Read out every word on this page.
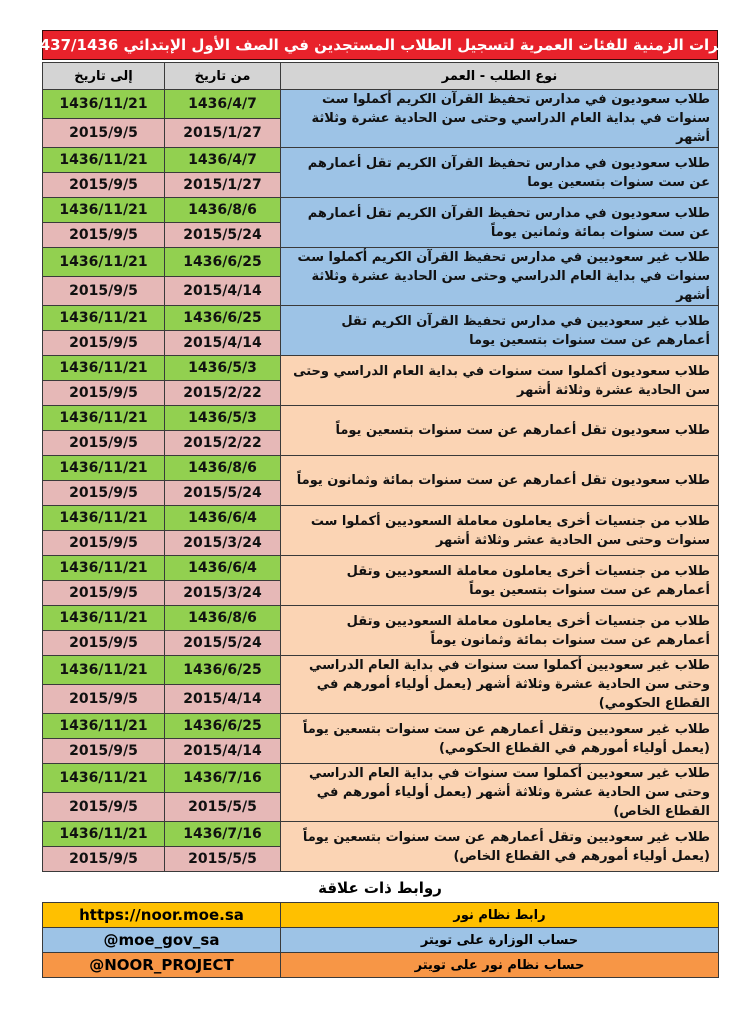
الفترات الزمنية للفئات العمرية لتسجيل الطلاب المستجدين في الصف الأول الإبتدائي 1437/1436هـ
نوع الطلب - العمر	من تاريخ	إلى تاريخ
طلاب سعوديون في مدارس تحفيظ القرآن الكريم أكملوا ست سنوات في بداية العام الدراسي وحتى سن الحادية عشرة وثلاثة أشهر	1436/4/7	1436/11/21
	2015/1/27	2015/9/5
طلاب سعوديون في مدارس تحفيظ القرآن الكريم تقل أعمارهم عن ست سنوات بتسعين يوما	1436/4/7	1436/11/21
	2015/1/27	2015/9/5
طلاب سعوديون في مدارس تحفيظ القرآن الكريم تقل أعمارهم عن ست سنوات بمائة وثمانين يوماً	1436/8/6	1436/11/21
	2015/5/24	2015/9/5
طلاب غير سعوديين في مدارس تحفيظ القرآن الكريم أكملوا ست سنوات في بداية العام الدراسي وحتى سن الحادية عشرة وثلاثة أشهر	1436/6/25	1436/11/21
	2015/4/14	2015/9/5
طلاب غير سعوديين في مدارس تحفيظ القرآن الكريم تقل أعمارهم عن ست سنوات بتسعين يوما	1436/6/25	1436/11/21
	2015/4/14	2015/9/5
طلاب سعوديون أكملوا ست سنوات في بداية العام الدراسي وحتى سن الحادية عشرة وثلاثة أشهر	1436/5/3	1436/11/21
	2015/2/22	2015/9/5
طلاب سعوديون تقل أعمارهم عن ست سنوات بتسعين يوماً	1436/5/3	1436/11/21
	2015/2/22	2015/9/5
طلاب سعوديون تقل أعمارهم عن ست سنوات بمائة وثمانون يوماً	1436/8/6	1436/11/21
	2015/5/24	2015/9/5
طلاب من جنسيات أخرى يعاملون معاملة السعوديين أكملوا ست سنوات وحتى سن الحادية عشر وثلاثة أشهر	1436/6/4	1436/11/21
	2015/3/24	2015/9/5
طلاب من جنسيات أخرى يعاملون معاملة السعوديين وتقل أعمارهم عن ست سنوات بتسعين يوماً	1436/6/4	1436/11/21
	2015/3/24	2015/9/5
طلاب من جنسيات أخرى يعاملون معاملة السعوديين وتقل أعمارهم عن ست سنوات بمائة وثمانون يوماً	1436/8/6	1436/11/21
	2015/5/24	2015/9/5
طلاب غير سعوديين أكملوا ست سنوات في بداية العام الدراسي وحتى سن الحادية عشرة وثلاثة أشهر (يعمل أولياء أمورهم في القطاع الحكومي)	1436/6/25	1436/11/21
	2015/4/14	2015/9/5
طلاب غير سعوديين وتقل أعمارهم عن ست سنوات بتسعين يوماً (يعمل أولياء أمورهم في القطاع الحكومي)	1436/6/25	1436/11/21
	2015/4/14	2015/9/5
طلاب غير سعوديين أكملوا ست سنوات في بداية العام الدراسي وحتى سن الحادية عشرة وثلاثة أشهر (يعمل أولياء أمورهم في القطاع الخاص)	1436/7/16	1436/11/21
	2015/5/5	2015/9/5
طلاب غير سعوديين وتقل أعمارهم عن ست سنوات بتسعين يوماً (يعمل أولياء أمورهم في القطاع الخاص)	1436/7/16	1436/11/21
	2015/5/5	2015/9/5
روابط ذات علاقة
رابط نظام نور	https://noor.moe.sa
حساب الوزارة على تويتر	@moe_gov_sa
حساب نظام نور على تويتر	@NOOR_PROJECT
